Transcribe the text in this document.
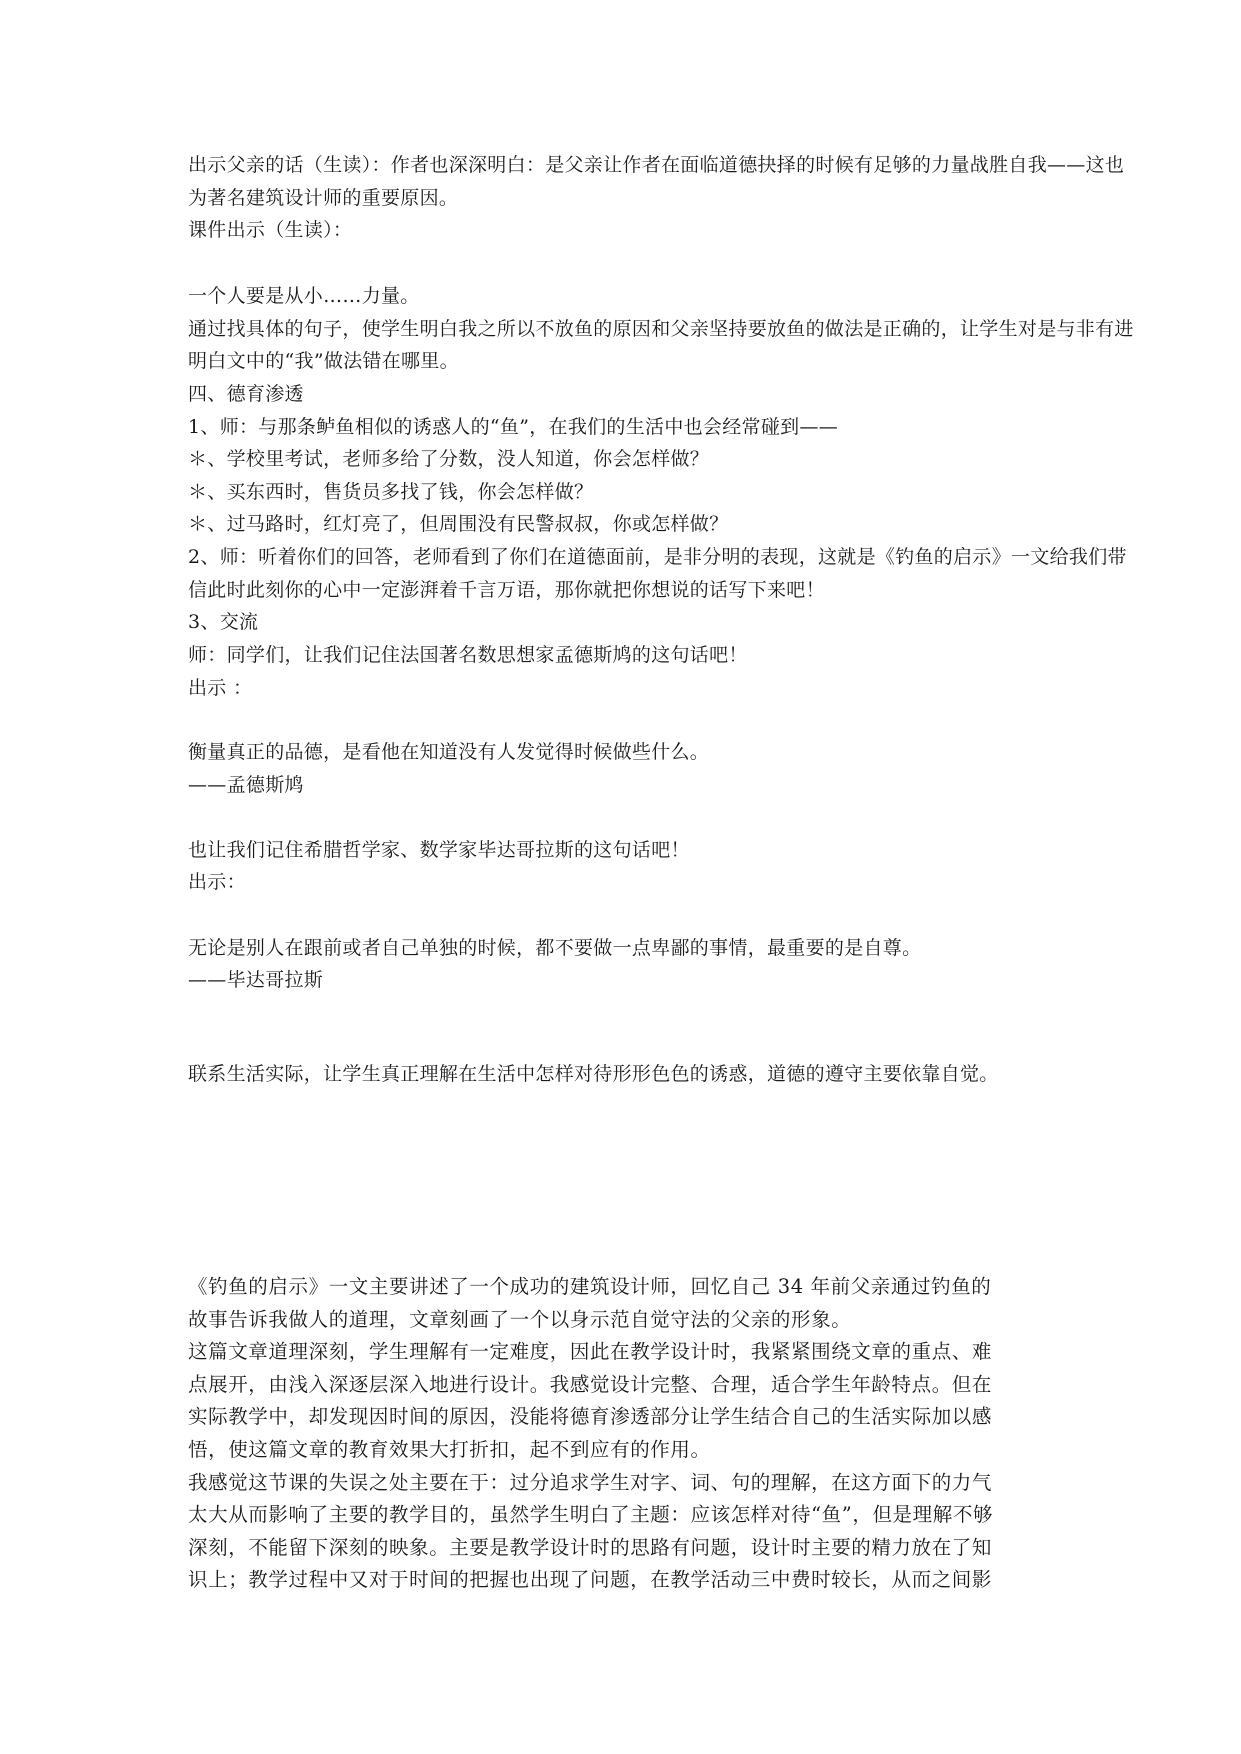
出示父亲的话（生读）：作者也深深明白：是父亲让作者在面临道德抉择的时候有足够的力量战胜自我——这也
为著名建筑设计师的重要原因。
课件出示（生读）：
一个人要是从小……力量。
通过找具体的句子，使学生明白我之所以不放鱼的原因和父亲坚持要放鱼的做法是正确的，让学生对是与非有进
明白文中的“我”做法错在哪里。
四、德育渗透
1、师：与那条鲈鱼相似的诱惑人的“鱼”，在我们的生活中也会经常碰到——
＊、学校里考试，老师多给了分数，没人知道，你会怎样做？
＊、买东西时，售货员多找了钱，你会怎样做？
＊、过马路时，红灯亮了，但周围没有民警叔叔，你或怎样做？
2、师：听着你们的回答，老师看到了你们在道德面前，是非分明的表现，这就是《钓鱼的启示》一文给我们带
信此时此刻你的心中一定澎湃着千言万语，那你就把你想说的话写下来吧！
3、交流
师：同学们，让我们记住法国著名数思想家孟德斯鸠的这句话吧！
出示 ：
衡量真正的品德，是看他在知道没有人发觉得时候做些什么。
——孟德斯鸠
也让我们记住希腊哲学家、数学家毕达哥拉斯的这句话吧！
出示：
无论是别人在跟前或者自己单独的时候，都不要做一点卑鄙的事情，最重要的是自尊。
——毕达哥拉斯
联系生活实际，让学生真正理解在生活中怎样对待形形色色的诱惑，道德的遵守主要依靠自觉。
《钓鱼的启示》一文主要讲述了一个成功的建筑设计师，回忆自己 34 年前父亲通过钓鱼的
故事告诉我做人的道理，文章刻画了一个以身示范自觉守法的父亲的形象。
这篇文章道理深刻，学生理解有一定难度，因此在教学设计时，我紧紧围绕文章的重点、难
点展开，由浅入深逐层深入地进行设计。我感觉设计完整、合理，适合学生年龄特点。但在
实际教学中，却发现因时间的原因，没能将德育渗透部分让学生结合自己的生活实际加以感
悟，使这篇文章的教育效果大打折扣，起不到应有的作用。
我感觉这节课的失误之处主要在于：过分追求学生对字、词、句的理解，在这方面下的力气
太大从而影响了主要的教学目的，虽然学生明白了主题：应该怎样对待“鱼”，但是理解不够
深刻，不能留下深刻的映象。主要是教学设计时的思路有问题，设计时主要的精力放在了知
识上；教学过程中又对于时间的把握也出现了问题，在教学活动三中费时较长，从而之间影
